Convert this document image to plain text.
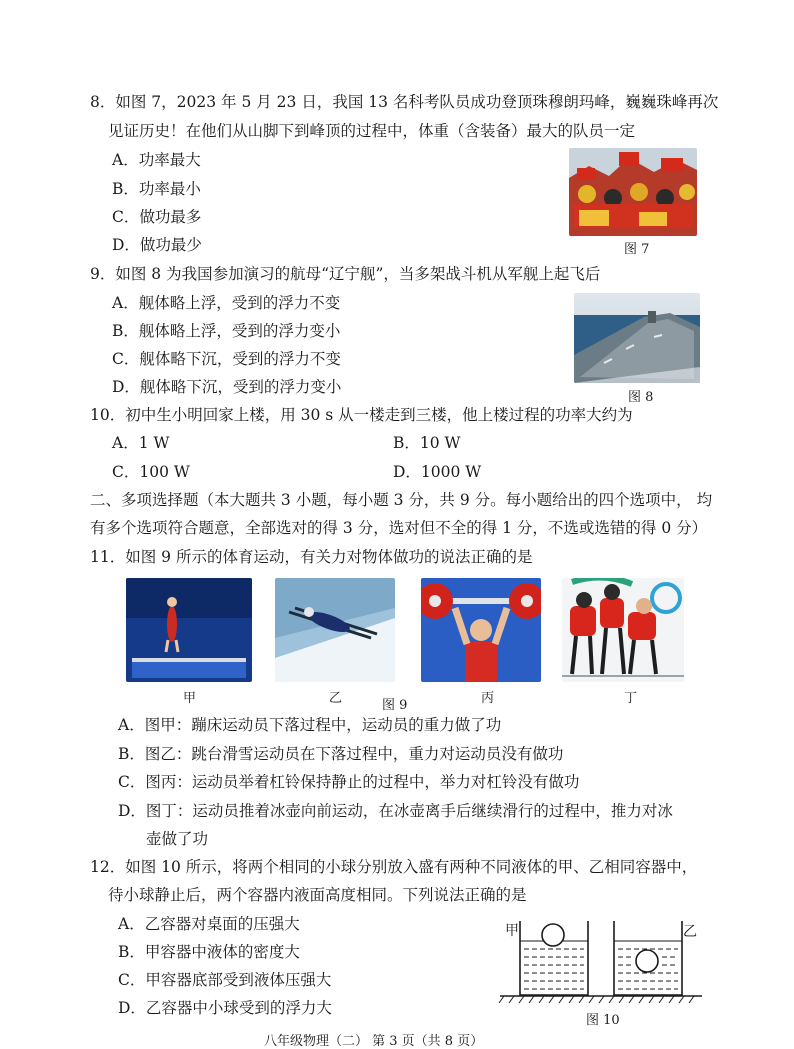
8．如图 7，2023 年 5 月 23 日，我国 13 名科考队员成功登顶珠穆朗玛峰，巍巍珠峰再次
见证历史！在他们从山脚下到峰顶的过程中，体重（含装备）最大的队员一定
A．功率最大
B．功率最小
C．做功最多
D．做功最少	图 7
9．如图 8 为我国参加演习的航母“辽宁舰”，当多架战斗机从军舰上起飞后
A．舰体略上浮，受到的浮力不变
B．舰体略上浮，受到的浮力变小
C．舰体略下沉，受到的浮力不变
D．舰体略下沉，受到的浮力变小
图 8
10．初中生小明回家上楼，用 30 s 从一楼走到三楼，他上楼过程的功率大约为
A．1 W	B．10 W
C．100 W	D．1000 W
二、多项选择题（本大题共 3 小题，每小题 3 分，共 9 分。每小题给出的四个选项中， 均
有多个选项符合题意，全部选对的得 3 分，选对但不全的得 1 分，不选或选错的得 0 分）
11．如图 9 所示的体育运动，有关力对物体做功的说法正确的是
甲	乙	图 9	丙	丁
A．图甲：蹦床运动员下落过程中，运动员的重力做了功
B．图乙：跳台滑雪运动员在下落过程中，重力对运动员没有做功
C．图丙：运动员举着杠铃保持静止的过程中，举力对杠铃没有做功
D．图丁：运动员推着冰壶向前运动，在冰壶离手后继续滑行的过程中，推力对冰
壶做了功
12．如图 10 所示，将两个相同的小球分别放入盛有两种不同液体的甲、乙相同容器中，
待小球静止后，两个容器内液面高度相同。下列说法正确的是
A．乙容器对桌面的压强大
B．甲容器中液体的密度大
C．甲容器底部受到液体压强大
D．乙容器中小球受到的浮力大
甲	乙
图 10
八年级物理（二） 第 3 页（共 8 页）
